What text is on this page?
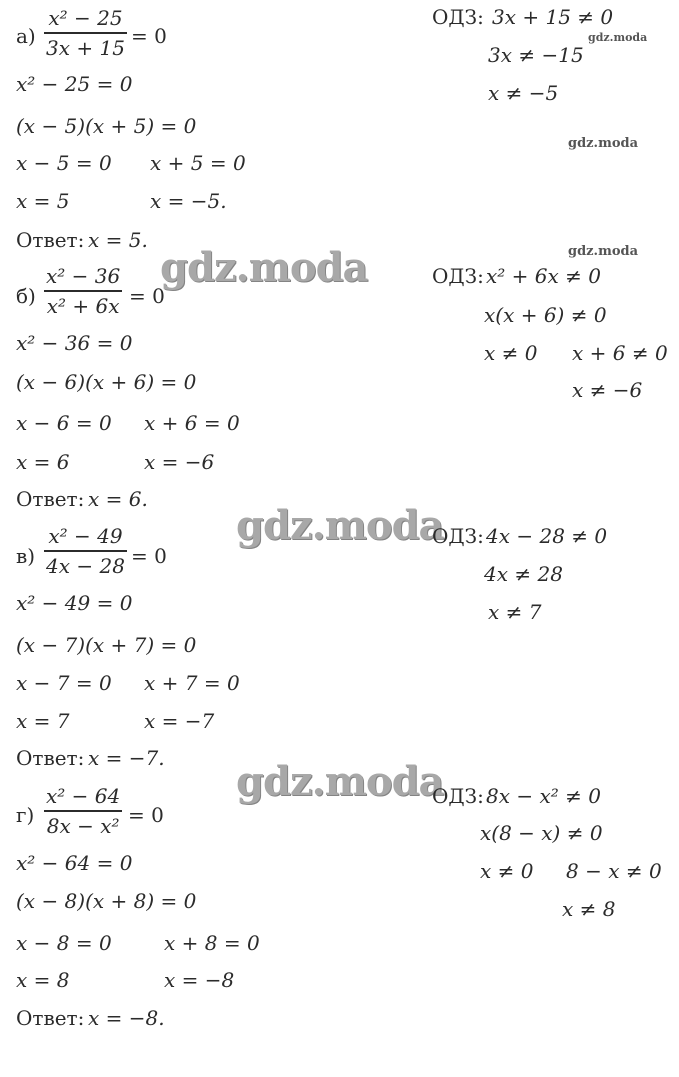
gdz.moda
gdz.moda
gdz.moda
gdz.moda
gdz.moda
gdz.moda
а)
x² − 25
3x + 15 = 0
x² − 25 = 0
(x − 5)(x + 5) = 0
x − 5 = 0 x + 5 = 0
x = 5	x = −5.
Ответ: x = 5.
ОДЗ: 3x + 15 ≠ 0
3x ≠ −15
x ≠ −5
б)
x² − 36
x² + 6x = 0
x² − 36 = 0
(x − 6)(x + 6) = 0
x − 6 = 0 x + 6 = 0
x = 6	x = −6
Ответ: x = 6.
ОДЗ: x² + 6x ≠ 0
x(x + 6) ≠ 0
x ≠ 0 x + 6 ≠ 0
x ≠ −6
в)
x² − 49
4x − 28 = 0
x² − 49 = 0
(x − 7)(x + 7) = 0
x − 7 = 0 x + 7 = 0
x = 7	x = −7
Ответ: x = −7.
ОДЗ: 4x − 28 ≠ 0
4x ≠ 28
x ≠ 7
г)
x² − 64
8x − x² = 0
x² − 64 = 0
(x − 8)(x + 8) = 0
x − 8 = 0	x + 8 = 0
x = 8	x = −8
Ответ: x = −8.
ОДЗ: 8x − x² ≠ 0
x(8 − x) ≠ 0
x ≠ 0 8 − x ≠ 0
x ≠ 8
